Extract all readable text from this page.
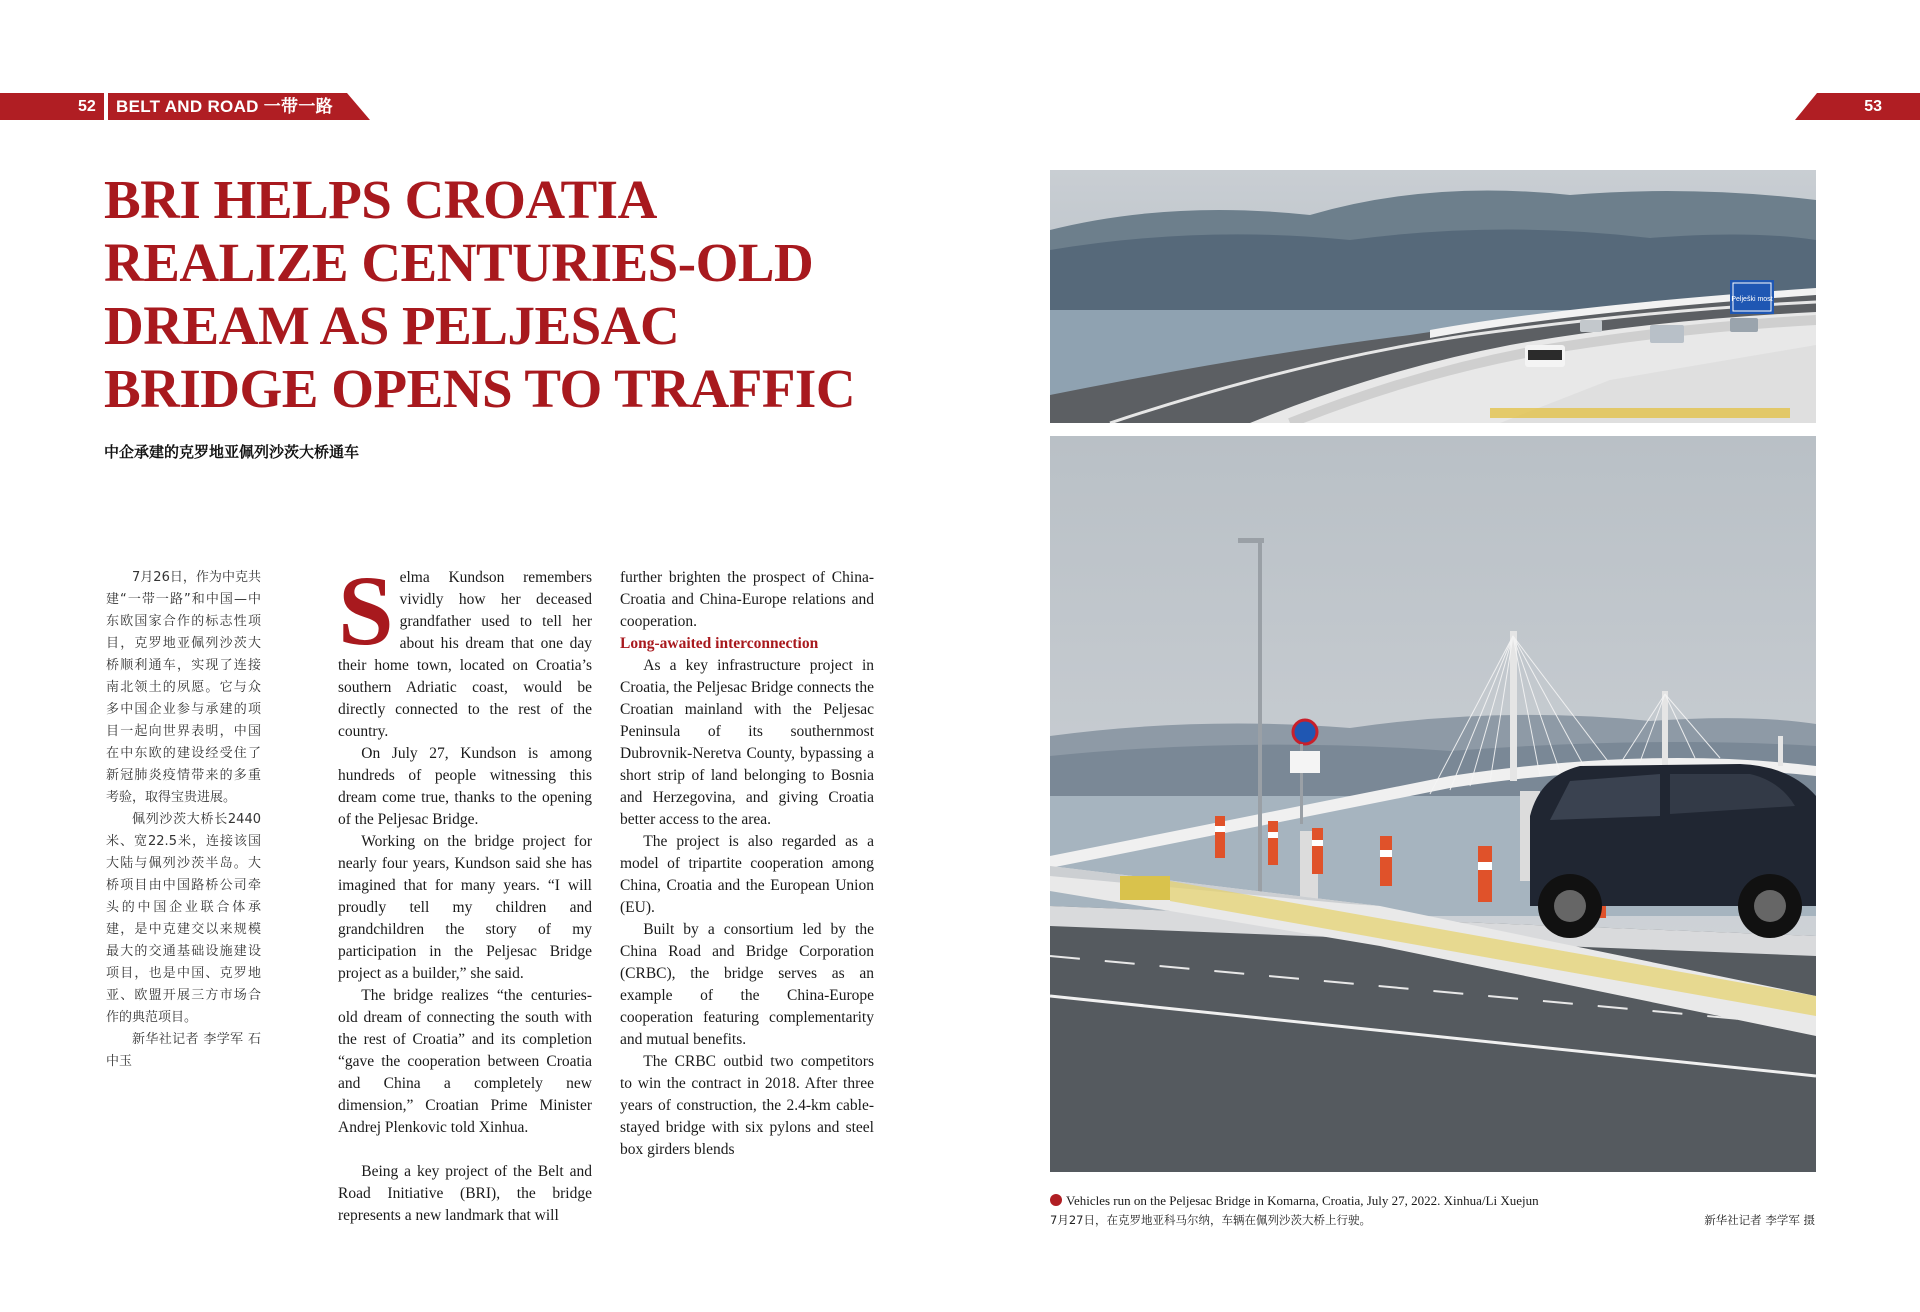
52 BELT AND ROAD 一带一路	53
BRI HELPS CROATIA
REALIZE CENTURIES-OLD
DREAM AS PELJESAC
BRIDGE OPENS TO TRAFFIC
中企承建的克罗地亚佩列沙茨大桥通车

7月26日，作为中克共建“一带一路”和中国—中东欧国家合作的标志性项目，克罗地亚佩列沙茨大桥顺利通车，实现了连接南北领土的夙愿。它与众多中国企业参与承建的项目一起向世界表明，中国在中东欧的建设经受住了新冠肺炎疫情带来的多重考验，取得宝贵进展。

佩列沙茨大桥长2440米、宽22.5米，连接该国大陆与佩列沙茨半岛。大桥项目由中国路桥公司牵头的中国企业联合体承建，是中克建交以来规模最大的交通基础设施建设项目，也是中国、克罗地亚、欧盟开展三方市场合作的典范项目。

新华社记者 李学军 石中玉

Selma Kundson remembers vividly how her deceased grandfather used to tell her about his dream that one day their home town, located on Croatia’s southern Adriatic coast, would be directly connected to the rest of the country.

On July 27, Kundson is among hundreds of people witnessing this dream come true, thanks to the opening of the Peljesac Bridge.

Working on the bridge project for nearly four years, Kundson said she has imagined that for many years. “I will proudly tell my children and grandchildren the story of my participation in the Peljesac Bridge project as a builder,” she said.

The bridge realizes “the centuries-old dream of connecting the south with the rest of Croatia” and its completion “gave the cooperation between Croatia and China a completely new dimension,” Croatian Prime Minister Andrej Plenkovic told Xinhua.

Being a key project of the Belt and Road Initiative (BRI), the bridge represents a new landmark that will

further brighten the prospect of China-Croatia and China-Europe relations and cooperation.

Long-awaited interconnection

As a key infrastructure project in Croatia, the Peljesac Bridge connects the Croatian mainland with the Peljesac Peninsula of its southernmost Dubrovnik-Neretva County, bypassing a short strip of land belonging to Bosnia and Herzegovina, and giving Croatia better access to the area.

The project is also regarded as a model of tripartite cooperation among China, Croatia and the European Union (EU).

Built by a consortium led by the China Road and Bridge Corporation (CRBC), the bridge serves as an example of the China-Europe cooperation featuring complementarity and mutual benefits.

The CRBC outbid two competitors to win the contract in 2018. After three years of construction, the 2.4-km cable-stayed bridge with six pylons and steel box girders blends

Pelješki most
Vehicles run on the Peljesac Bridge in Komarna, Croatia, July 27, 2022. Xinhua/Li Xuejun
7月27日，在克罗地亚科马尔纳，车辆在佩列沙茨大桥上行驶。	新华社记者 李学军 摄
